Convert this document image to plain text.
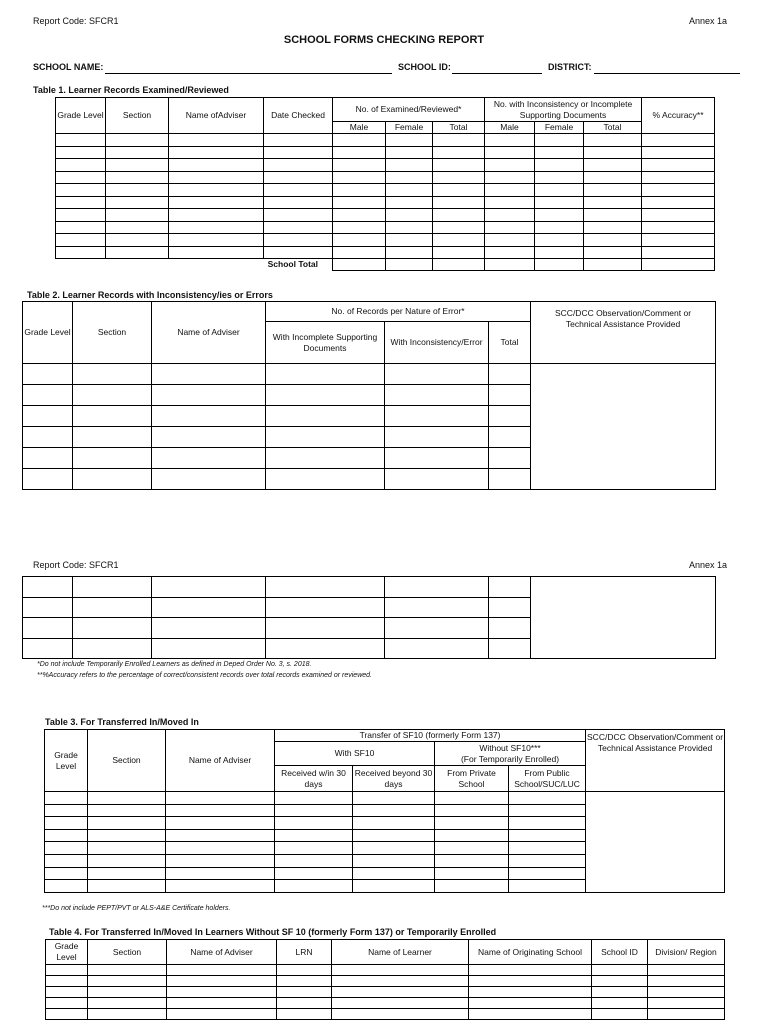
Report Code: SFCR1	Annex 1a
SCHOOL FORMS CHECKING REPORT
SCHOOL NAME:	SCHOOL ID:	DISTRICT:
Table 1. Learner Records Examined/Reviewed
Grade Level	Section	Name ofAdviser	Date Checked	No. of Examined/Reviewed*			No. with Inconsistency or Incomplete Supporting Documents			% Accuracy**
				Male	Female	Total	Male	Female	Total	

School Total										
Table 2. Learner Records with Inconsistency/ies or Errors
Grade Level	Section	Name of Adviser	No. of Records per Nature of Error*			SCC/DCC Observation/Comment or Technical Assistance Provided
			With Incomplete Supporting Documents	With Inconsistency/Error	Total	

Report Code: SFCR1	Annex 1a

*Do not include Temporarily Enrolled Learners as defined in Deped Order No. 3, s. 2018.
**%Accuracy refers to the percentage of correct/consistent records over total records examined or reviewed.
Table 3. For Transferred In/Moved In
Grade Level	Section	Name of Adviser	Transfer of SF10 (formerly Form 137)				SCC/DCC Observation/Comment or Technical Assistance Provided
			With SF10		Without SF10***
(For Temporarily Enrolled)		

			Received w/in 30 days	Received beyond 30 days	From Private School	From Public School/SUC/LUC	

***Do not include PEPT/PVT or ALS-A&E Certificate holders.
Table 4. For Transferred In/Moved In Learners Without SF 10 (formerly Form 137) or Temporarily Enrolled
Grade Level	Section	Name of Adviser	LRN	Name of Learner	Name of Originating School	School ID	Division/ Region
